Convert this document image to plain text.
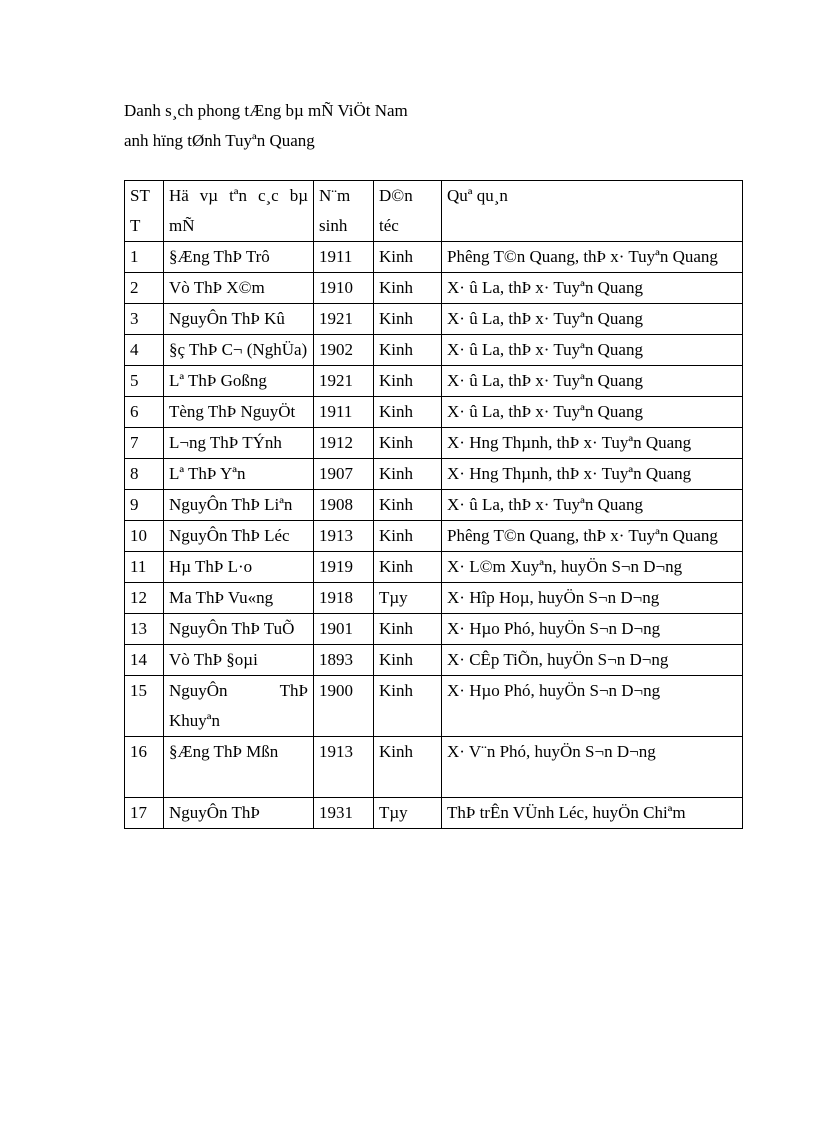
Danh s¸ch phong tÆng bµ mÑ ViÖt Nam
anh hïng tØnh Tuyªn Quang
STT	Hä vµ tªn c¸c bµ mÑ	N¨m sinh	D©n téc	Quª qu¸n

1	§Æng ThÞ Trô	1911	Kinh	Phêng T©n Quang, thÞ x· Tuyªn Quang

2	Vò ThÞ X©m	1910	Kinh	X· û La, thÞ x· Tuyªn Quang

3	NguyÔn ThÞ Kû	1921	Kinh	X· û La, thÞ x· Tuyªn Quang

4	§ç ThÞ C¬ (NghÜa)	1902	Kinh	X· û La, thÞ x· Tuyªn Quang

5	Lª ThÞ Goßng	1921	Kinh	X· û La, thÞ x· Tuyªn Quang

6	Tèng ThÞ NguyÖt	1911	Kinh	X· û La, thÞ x· Tuyªn Quang

7	L¬ng ThÞ TÝnh	1912	Kinh	X· Hng Thµnh, thÞ x· Tuyªn Quang

8	Lª ThÞ Yªn	1907	Kinh	X· Hng Thµnh, thÞ x· Tuyªn Quang

9	NguyÔn ThÞ Liªn	1908	Kinh	X· û La, thÞ x· Tuyªn Quang

10	NguyÔn ThÞ Léc	1913	Kinh	Phêng T©n Quang, thÞ x· Tuyªn Quang

11	Hµ ThÞ L·o	1919	Kinh	X· L©m Xuyªn, huyÖn S¬n D¬ng

12	Ma ThÞ Vu«ng	1918	Tµy	X· Hîp Hoµ, huyÖn S¬n D¬ng

13	NguyÔn ThÞ TuÕ	1901	Kinh	X· Hµo Phó, huyÖn S¬n D¬ng

14	Vò ThÞ §oµi	1893	Kinh	X· CÊp TiÕn, huyÖn S¬n D¬ng

15	NguyÔn ThÞ Khuyªn	1900	Kinh	X· Hµo Phó, huyÖn S¬n D¬ng

16	§Æng ThÞ Mßn	1913	Kinh	X· V¨n Phó, huyÖn S¬n D¬ng

17	NguyÔn ThÞ	1931	Tµy	ThÞ trÊn VÜnh Léc, huyÖn Chiªm
